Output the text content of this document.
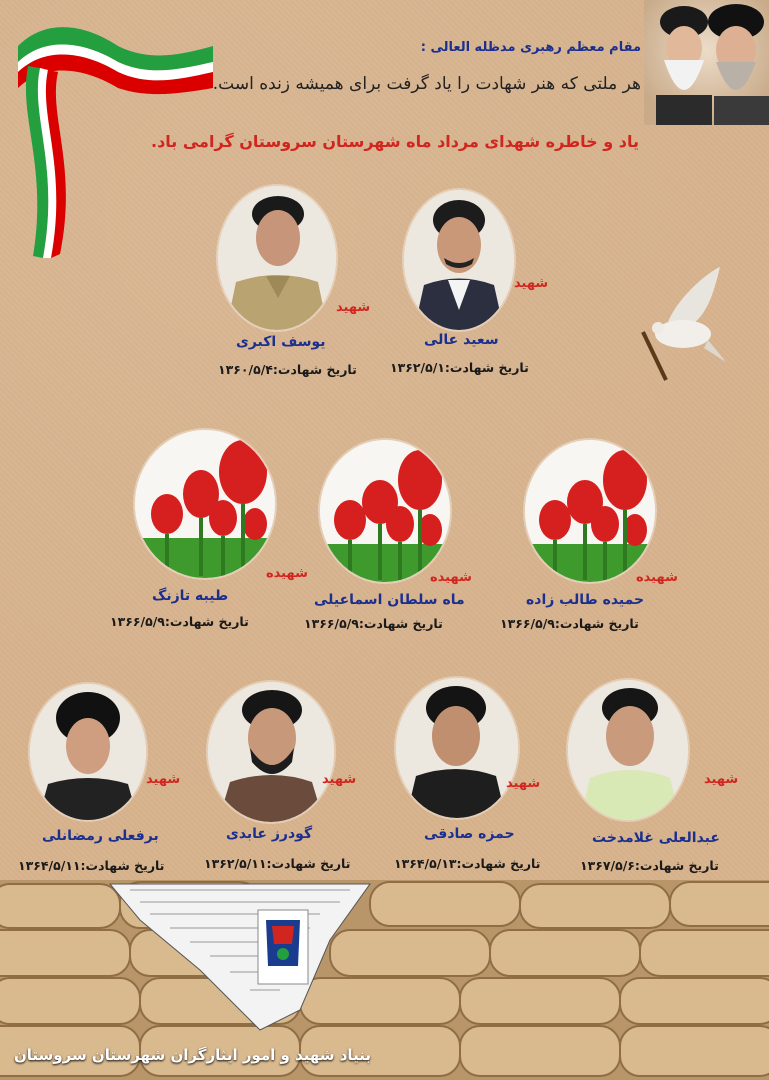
مقام معظم رهبری مدظله العالی :
هر ملتی که هنر شهادت را یاد گرفت برای همیشه زنده است.
یاد و خاطره شهدای مرداد ماه شهرستان سروستان گرامی باد.
شهید
سعید عالی
تاریخ شهادت:۱۳۶۲/۵/۱
شهید
یوسف اکبری
تاریخ شهادت:۱۳۶۰/۵/۴
شهیده
حمیده طالب زاده
تاریخ شهادت:۱۳۶۶/۵/۹
شهیده
ماه سلطان اسماعیلی
تاریخ شهادت:۱۳۶۶/۵/۹
شهیده
طیبه تازنگ
تاریخ شهادت:۱۳۶۶/۵/۹
شهید
عبدالعلی غلامدخت
تاریخ شهادت:۱۳۶۷/۵/۶
شهید
حمزه صادقی
تاریخ شهادت:۱۳۶۴/۵/۱۳
شهید
گودرز عابدی
تاریخ شهادت:۱۳۶۲/۵/۱۱
شهید
برفعلی رمضانلی
تاریخ شهادت:۱۳۶۴/۵/۱۱
بنیاد شهید و امور ایثارگران شهرستان سروستان
